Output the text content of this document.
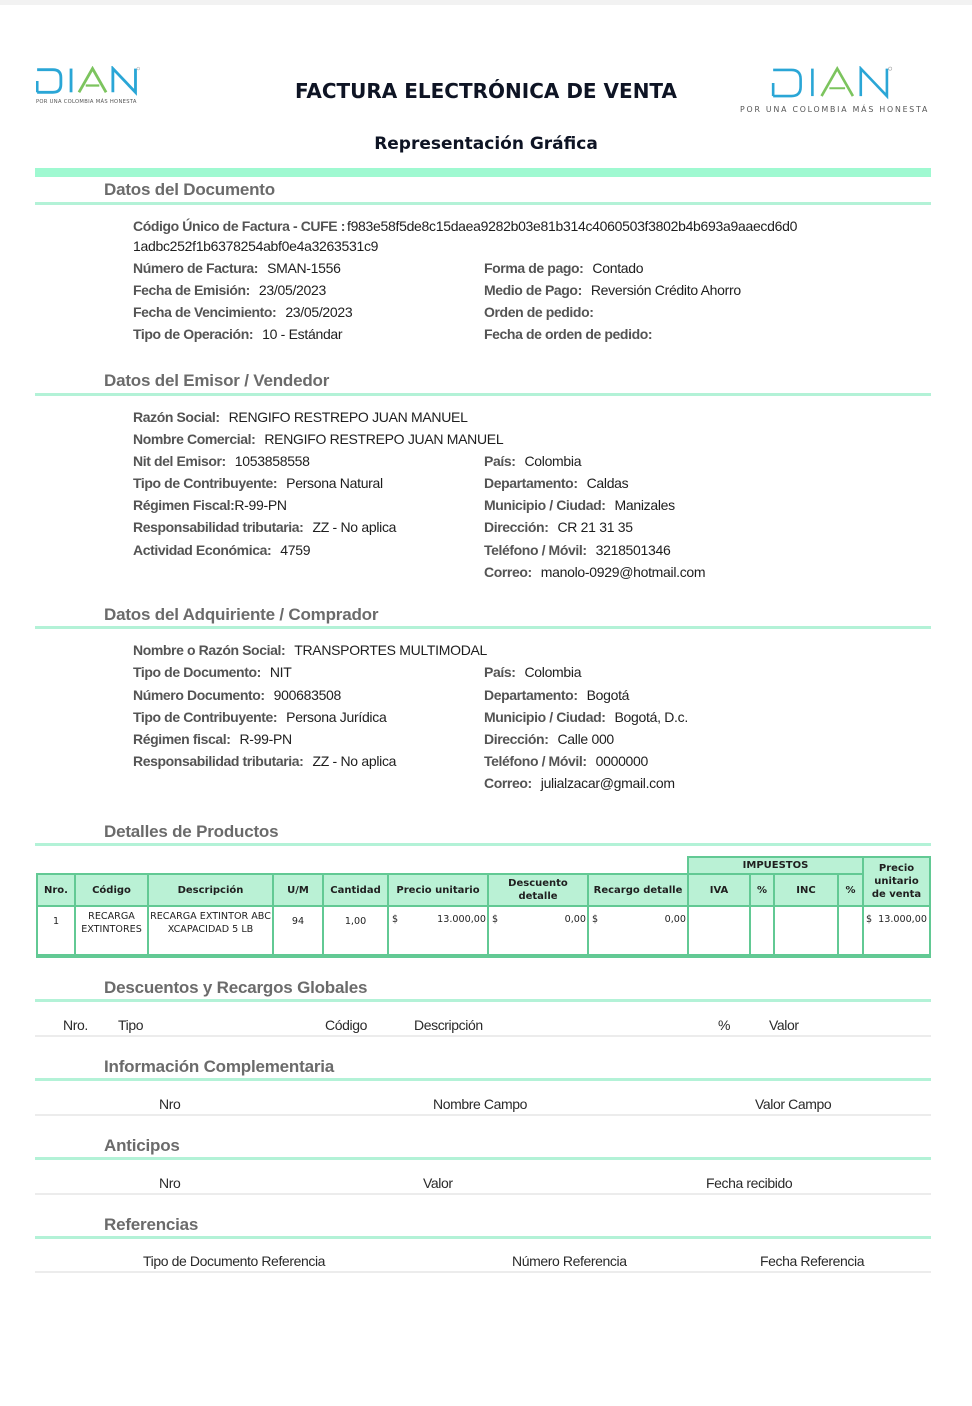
POR UNA COLOMBIA MÁS HONESTA
POR UNA COLOMBIA MÁS HONESTA
FACTURA ELECTRÓNICA DE VENTA
Representación Gráfica
Datos del Documento
Código Único de Factura - CUFE : f983e58f5de8c15daea9282b03e81b314c4060503f3802b4b693a9aaecd6d0
1adbc252f1b6378254abf0e4a3263531c9
Número de Factura: SMAN-1556
Fecha de Emisión: 23/05/2023
Fecha de Vencimiento: 23/05/2023
Tipo de Operación: 10 - Estándar
Forma de pago: Contado
Medio de Pago: Reversión Crédito Ahorro
Orden de pedido:
Fecha de orden de pedido:
Datos del Emisor / Vendedor
Razón Social: RENGIFO RESTREPO JUAN MANUEL
Nombre Comercial: RENGIFO RESTREPO JUAN MANUEL
Nit del Emisor: 1053858558
Tipo de Contribuyente: Persona Natural
Régimen Fiscal:R-99-PN
Responsabilidad tributaria: ZZ - No aplica
Actividad Económica: 4759
País: Colombia
Departamento: Caldas
Municipio / Ciudad: Manizales
Dirección: CR 21 31 35
Teléfono / Móvil: 3218501346
Correo: manolo-0929@hotmail.com
Datos del Adquiriente / Comprador
Nombre o Razón Social: TRANSPORTES MULTIMODAL
Tipo de Documento: NIT
Número Documento: 900683508
Tipo de Contribuyente: Persona Jurídica
Régimen fiscal: R-99-PN
Responsabilidad tributaria: ZZ - No aplica
País: Colombia
Departamento: Bogotá
Municipio / Ciudad: Bogotá, D.c.
Dirección: Calle 000
Teléfono / Móvil: 0000000
Correo: julialzacar@gmail.com
Detalles de Productos
								IMPUESTOS				Precio unitario de venta
Nro.	Código	Descripción	U/M	Cantidad	Precio unitario	Descuento detalle	Recargo detalle	IVA	%	INC	%	
1	RECARGA EXTINTORES	RECARGA EXTINTOR ABC XCAPACIDAD 5 LB	94	1,00	$ 13.000,00	$ 0,00	$ 0,00					$ 13.000,00
Descuentos y Recargos Globales
Nro. Tipo	Código	Descripción	%	Valor
Información Complementaria
Nro	Nombre Campo	Valor Campo
Anticipos
Nro	Valor	Fecha recibido
Referencias
Tipo de Documento Referencia	Número Referencia	Fecha Referencia
